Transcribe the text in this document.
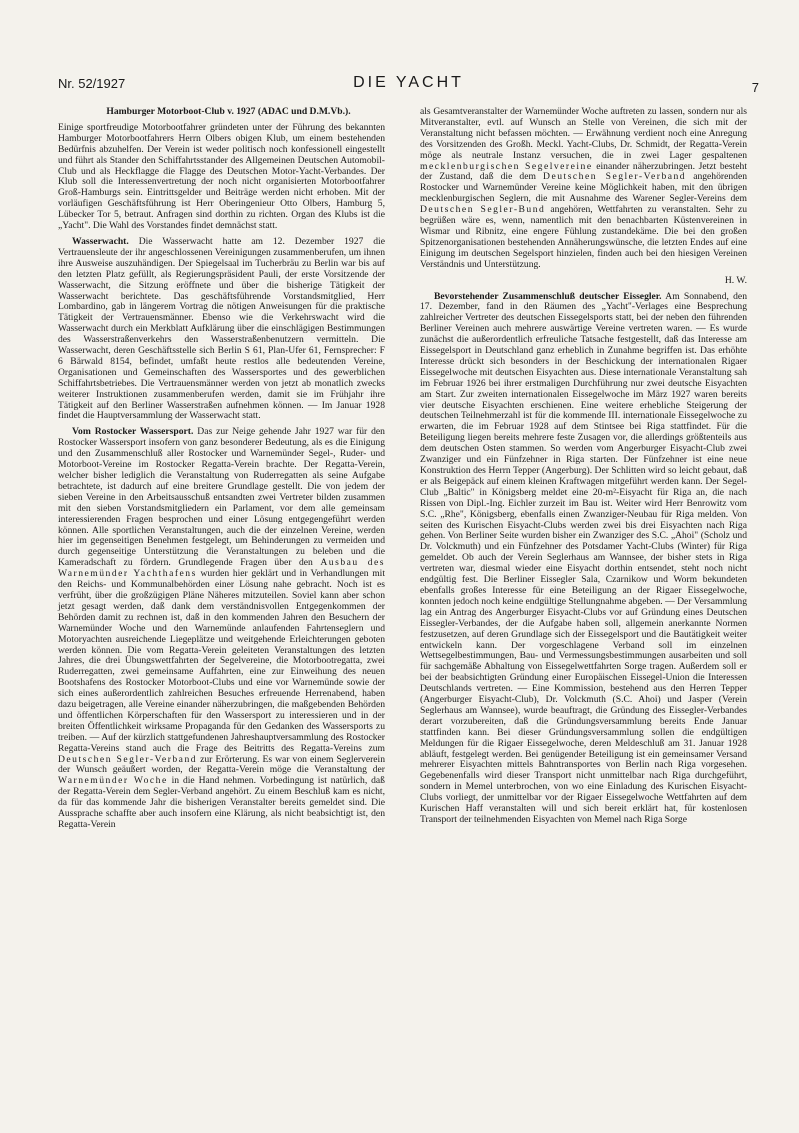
Nr. 52/1927	DIE YACHT	7

Hamburger Motorboot-Club v. 1927 (ADAC und D.M.Vb.).

Einige sportfreudige Motorbootfahrer gründeten unter der Führung des bekannten Hamburger Motorbootfahrers Herrn Olbers obigen Klub, um einem bestehenden Bedürfnis abzuhelfen. Der Verein ist weder politisch noch konfessionell eingestellt und führt als Stander den Schiffahrtsstander des Allgemeinen Deutschen Automobil-Club und als Heckflagge die Flagge des Deutschen Motor-Yacht-Verbandes. Der Klub soll die Interessenvertretung der noch nicht organisierten Motorbootfahrer Groß-Hamburgs sein. Eintrittsgelder und Beiträge werden nicht erhoben. Mit der vorläufigen Geschäftsführung ist Herr Oberingenieur Otto Olbers, Hamburg 5, Lübecker Tor 5, betraut. Anfragen sind dorthin zu richten. Organ des Klubs ist die „Yacht". Die Wahl des Vorstandes findet demnächst statt.

Wasserwacht. Die Wasserwacht hatte am 12. Dezember 1927 die Vertrauensleute der ihr angeschlossenen Vereinigungen zusammenberufen, um ihnen ihre Ausweise auszuhändigen. Der Spiegelsaal im Tucherbräu zu Berlin war bis auf den letzten Platz gefüllt, als Regierungspräsident Pauli, der erste Vorsitzende der Wasserwacht, die Sitzung eröffnete und über die bisherige Tätigkeit der Wasserwacht berichtete. Das geschäftsführende Vorstandsmitglied, Herr Lombardino, gab in längerem Vortrag die nötigen Anweisungen für die praktische Tätigkeit der Vertrauensmänner. Ebenso wie die Verkehrswacht wird die Wasserwacht durch ein Merkblatt Aufklärung über die einschlägigen Bestimmungen des Wasserstraßenverkehrs den Wasserstraßenbenutzern vermitteln. Die Wasserwacht, deren Geschäftsstelle sich Berlin S 61, Plan-Ufer 61, Fernsprecher: F 6 Bärwald 8154, befindet, umfaßt heute restlos alle bedeutenden Vereine, Organisationen und Gemeinschaften des Wassersportes und des gewerblichen Schiffahrtsbetriebes. Die Vertrauensmänner werden von jetzt ab monatlich zwecks weiterer Instruktionen zusammenberufen werden, damit sie im Frühjahr ihre Tätigkeit auf den Berliner Wasserstraßen aufnehmen können. — Im Januar 1928 findet die Hauptversammlung der Wasserwacht statt.

Vom Rostocker Wassersport. Das zur Neige gehende Jahr 1927 war für den Rostocker Wassersport insofern von ganz besonderer Bedeutung, als es die Einigung und den Zusammenschluß aller Rostocker und Warnemünder Segel-, Ruder- und Motorboot-Vereine im Rostocker Regatta-Verein brachte. Der Regatta-Verein, welcher bisher lediglich die Veranstaltung von Ruderregatten als seine Aufgabe betrachtete, ist dadurch auf eine breitere Grundlage gestellt. Die von jedem der sieben Vereine in den Arbeitsausschuß entsandten zwei Vertreter bilden zusammen mit den sieben Vorstandsmitgliedern ein Parlament, vor dem alle gemeinsam interessierenden Fragen besprochen und einer Lösung entgegengeführt werden können. Alle sportlichen Veranstaltungen, auch die der einzelnen Vereine, werden hier im gegenseitigen Benehmen festgelegt, um Behinderungen zu vermeiden und durch gegenseitige Unterstützung die Veranstaltungen zu beleben und die Kameradschaft zu fördern. Grundlegende Fragen über den Ausbau des Warnemünder Yachthafens wurden hier geklärt und in Verhandlungen mit den Reichs- und Kommunalbehörden einer Lösung nahe gebracht. Noch ist es verfrüht, über die großzügigen Pläne Näheres mitzuteilen. Soviel kann aber schon jetzt gesagt werden, daß dank dem verständnisvollen Entgegenkommen der Behörden damit zu rechnen ist, daß in den kommenden Jahren den Besuchern der Warnemünder Woche und den Warnemünde anlaufenden Fahrtenseglern und Motoryachten ausreichende Liegeplätze und weitgehende Erleichterungen geboten werden können. Die vom Regatta-Verein geleiteten Veranstaltungen des letzten Jahres, die drei Übungswettfahrten der Segelvereine, die Motorbootregatta, zwei Ruderregatten, zwei gemeinsame Auffahrten, eine zur Einweihung des neuen Bootshafens des Rostocker Motorboot-Clubs und eine vor Warnemünde sowie der sich eines außerordentlich zahlreichen Besuches erfreuende Herrenabend, haben dazu beigetragen, alle Vereine einander näherzubringen, die maßgebenden Behörden und öffentlichen Körperschaften für den Wassersport zu interessieren und in der breiten Öffentlichkeit wirksame Propaganda für den Gedanken des Wassersports zu treiben. — Auf der kürzlich stattgefundenen Jahreshauptversammlung des Rostocker Regatta-Vereins stand auch die Frage des Beitritts des Regatta-Vereins zum Deutschen Segler-Verband zur Erörterung. Es war von einem Seglerverein der Wunsch geäußert worden, der Regatta-Verein möge die Veranstaltung der Warnemünder Woche in die Hand nehmen. Vorbedingung ist natürlich, daß der Regatta-Verein dem Segler-Verband angehört. Zu einem Beschluß kam es nicht, da für das kommende Jahr die bisherigen Veranstalter bereits gemeldet sind. Die Aussprache schaffte aber auch insofern eine Klärung, als nicht beabsichtigt ist, den Regatta-Verein

als Gesamtveranstalter der Warnemünder Woche auftreten zu lassen, sondern nur als Mitveranstalter, evtl. auf Wunsch an Stelle von Vereinen, die sich mit der Veranstaltung nicht befassen möchten. — Erwähnung verdient noch eine Anregung des Vorsitzenden des Großh. Meckl. Yacht-Clubs, Dr. Schmidt, der Regatta-Verein möge als neutrale Instanz versuchen, die in zwei Lager gespaltenen mecklenburgischen Segelvereine einander näherzubringen. Jetzt besteht der Zustand, daß die dem Deutschen Segler-Verband angehörenden Rostocker und Warnemünder Vereine keine Möglichkeit haben, mit den übrigen mecklenburgischen Seglern, die mit Ausnahme des Warener Segler-Vereins dem Deutschen Segler-Bund angehören, Wettfahrten zu veranstalten. Sehr zu begrüßen wäre es, wenn, namentlich mit den benachbarten Küstenvereinen in Wismar und Ribnitz, eine engere Fühlung zustandekäme. Die bei den großen Spitzenorganisationen bestehenden Annäherungswünsche, die letzten Endes auf eine Einigung im deutschen Segelsport hinzielen, finden auch bei den hiesigen Vereinen Verständnis und Unterstützung.

H. W.

Bevorstehender Zusammenschluß deutscher Eissegler. Am Sonnabend, den 17. Dezember, fand in den Räumen des „Yacht"-Verlages eine Besprechung zahlreicher Vertreter des deutschen Eissegelsports statt, bei der neben den führenden Berliner Vereinen auch mehrere auswärtige Vereine vertreten waren. — Es wurde zunächst die außerordentlich erfreuliche Tatsache festgestellt, daß das Interesse am Eissegelsport in Deutschland ganz erheblich in Zunahme begriffen ist. Das erhöhte Interesse drückt sich besonders in der Beschickung der internationalen Rigaer Eissegelwoche mit deutschen Eisyachten aus. Diese internationale Veranstaltung sah im Februar 1926 bei ihrer erstmaligen Durchführung nur zwei deutsche Eisyachten am Start. Zur zweiten internationalen Eissegelwoche im März 1927 waren bereits vier deutsche Eisyachten erschienen. Eine weitere erhebliche Steigerung der deutschen Teilnehmerzahl ist für die kommende III. internationale Eissegelwoche zu erwarten, die im Februar 1928 auf dem Stintsee bei Riga stattfindet. Für die Beteiligung liegen bereits mehrere feste Zusagen vor, die allerdings größtenteils aus dem deutschen Osten stammen. So werden vom Angerburger Eisyacht-Club zwei Zwanziger und ein Fünfzehner in Riga starten. Der Fünfzehner ist eine neue Konstruktion des Herrn Tepper (Angerburg). Der Schlitten wird so leicht gebaut, daß er als Beigepäck auf einem kleinen Kraftwagen mitgeführt werden kann. Der Segel-Club „Baltic" in Königsberg meldet eine 20-m²-Eisyacht für Riga an, die nach Rissen von Dipl.-Ing. Eichler zurzeit im Bau ist. Weiter wird Herr Benrowitz vom S.C. „Rhe", Königsberg, ebenfalls einen Zwanziger-Neubau für Riga melden. Von seiten des Kurischen Eisyacht-Clubs werden zwei bis drei Eisyachten nach Riga gehen. Von Berliner Seite wurden bisher ein Zwanziger des S.C. „Ahoi" (Scholz und Dr. Volckmuth) und ein Fünfzehner des Potsdamer Yacht-Clubs (Winter) für Riga gemeldet. Ob auch der Verein Seglerhaus am Wannsee, der bisher stets in Riga vertreten war, diesmal wieder eine Eisyacht dorthin entsendet, steht noch nicht endgültig fest. Die Berliner Eissegler Sala, Czarnikow und Worm bekundeten ebenfalls großes Interesse für eine Beteiligung an der Rigaer Eissegelwoche, konnten jedoch noch keine endgültige Stellungnahme abgeben. — Der Versammlung lag ein Antrag des Angerburger Eisyacht-Clubs vor auf Gründung eines Deutschen Eissegler-Verbandes, der die Aufgabe haben soll, allgemein anerkannte Normen festzusetzen, auf deren Grundlage sich der Eissegelsport und die Bautätigkeit weiter entwickeln kann. Der vorgeschlagene Verband soll im einzelnen Wettsegelbestimmungen, Bau- und Vermessungsbestimmungen ausarbeiten und soll für sachgemäße Abhaltung von Eissegelwettfahrten Sorge tragen. Außerdem soll er bei der beabsichtigten Gründung einer Europäischen Eissegel-Union die Interessen Deutschlands vertreten. — Eine Kommission, bestehend aus den Herren Tepper (Angerburger Eisyacht-Club), Dr. Volckmuth (S.C. Ahoi) und Jasper (Verein Seglerhaus am Wannsee), wurde beauftragt, die Gründung des Eissegler-Verbandes derart vorzubereiten, daß die Gründungsversammlung bereits Ende Januar stattfinden kann. Bei dieser Gründungsversammlung sollen die endgültigen Meldungen für die Rigaer Eissegelwoche, deren Meldeschluß am 31. Januar 1928 abläuft, festgelegt werden. Bei genügender Beteiligung ist ein gemeinsamer Versand mehrerer Eisyachten mittels Bahntransportes von Berlin nach Riga vorgesehen. Gegebenenfalls wird dieser Transport nicht unmittelbar nach Riga durchgeführt, sondern in Memel unterbrochen, von wo eine Einladung des Kurischen Eisyacht-Clubs vorliegt, der unmittelbar vor der Rigaer Eissegelwoche Wettfahrten auf dem Kurischen Haff veranstalten will und sich bereit erklärt hat, für kostenlosen Transport der teilnehmenden Eisyachten von Memel nach Riga Sorge
